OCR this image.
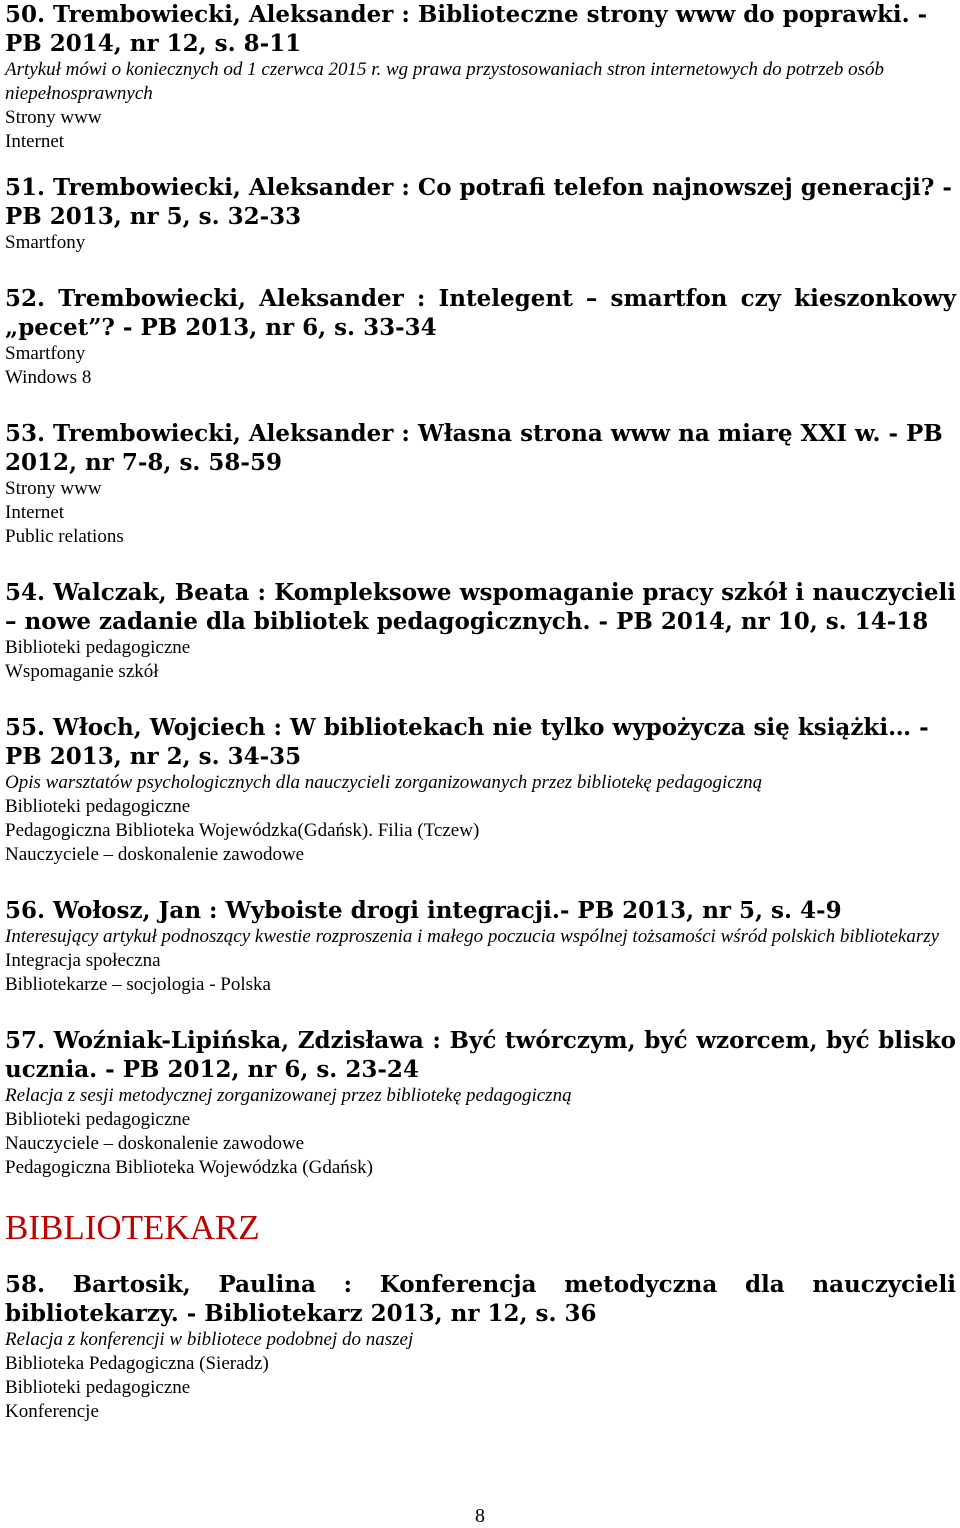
50. Trembowiecki, Aleksander : Biblioteczne strony www do poprawki. - PB 2014, nr 12, s. 8-11

Artykuł mówi o koniecznych od 1 czerwca 2015 r. wg prawa przystosowaniach stron internetowych do potrzeb osób niepełnosprawnych

Strony www
Internet

51. Trembowiecki, Aleksander : Co potrafi telefon najnowszej generacji? - PB 2013, nr 5, s. 32-33

Smartfony

52. Trembowiecki, Aleksander : Intelegent – smartfon czy kieszonkowy „pecet”? - PB 2013, nr 6, s. 33-34

Smartfony
Windows 8

53. Trembowiecki, Aleksander : Własna strona www na miarę XXI w. - PB 2012, nr 7-8, s. 58-59

Strony www
Internet
Public relations

54. Walczak, Beata : Kompleksowe wspomaganie pracy szkół i nauczycieli – nowe zadanie dla bibliotek pedagogicznych. - PB 2014, nr 10, s. 14-18

Biblioteki pedagogiczne
Wspomaganie szkół

55. Włoch, Wojciech : W bibliotekach nie tylko wypożycza się książki… - PB 2013, nr 2, s. 34-35

Opis warsztatów psychologicznych dla nauczycieli zorganizowanych przez bibliotekę pedagogiczną

Biblioteki pedagogiczne
Pedagogiczna Biblioteka Wojewódzka(Gdańsk). Filia (Tczew)
Nauczyciele – doskonalenie zawodowe

56. Wołosz, Jan : Wyboiste drogi integracji.- PB 2013, nr 5, s. 4-9

Interesujący artykuł podnoszący kwestie rozproszenia i małego poczucia wspólnej tożsamości wśród polskich bibliotekarzy

Integracja społeczna
Bibliotekarze – socjologia - Polska

57. Woźniak-Lipińska, Zdzisława : Być twórczym, być wzorcem, być blisko ucznia. - PB 2012, nr 6, s. 23-24

Relacja z sesji metodycznej zorganizowanej przez bibliotekę pedagogiczną

Biblioteki pedagogiczne
Nauczyciele – doskonalenie zawodowe
Pedagogiczna Biblioteka Wojewódzka (Gdańsk)
BIBLIOTEKARZ

58. Bartosik, Paulina : Konferencja metodyczna dla nauczycieli bibliotekarzy. - Bibliotekarz 2013, nr 12, s. 36

Relacja z konferencji w bibliotece podobnej do naszej

Biblioteka Pedagogiczna (Sieradz)
Biblioteki pedagogiczne
Konferencje
8
